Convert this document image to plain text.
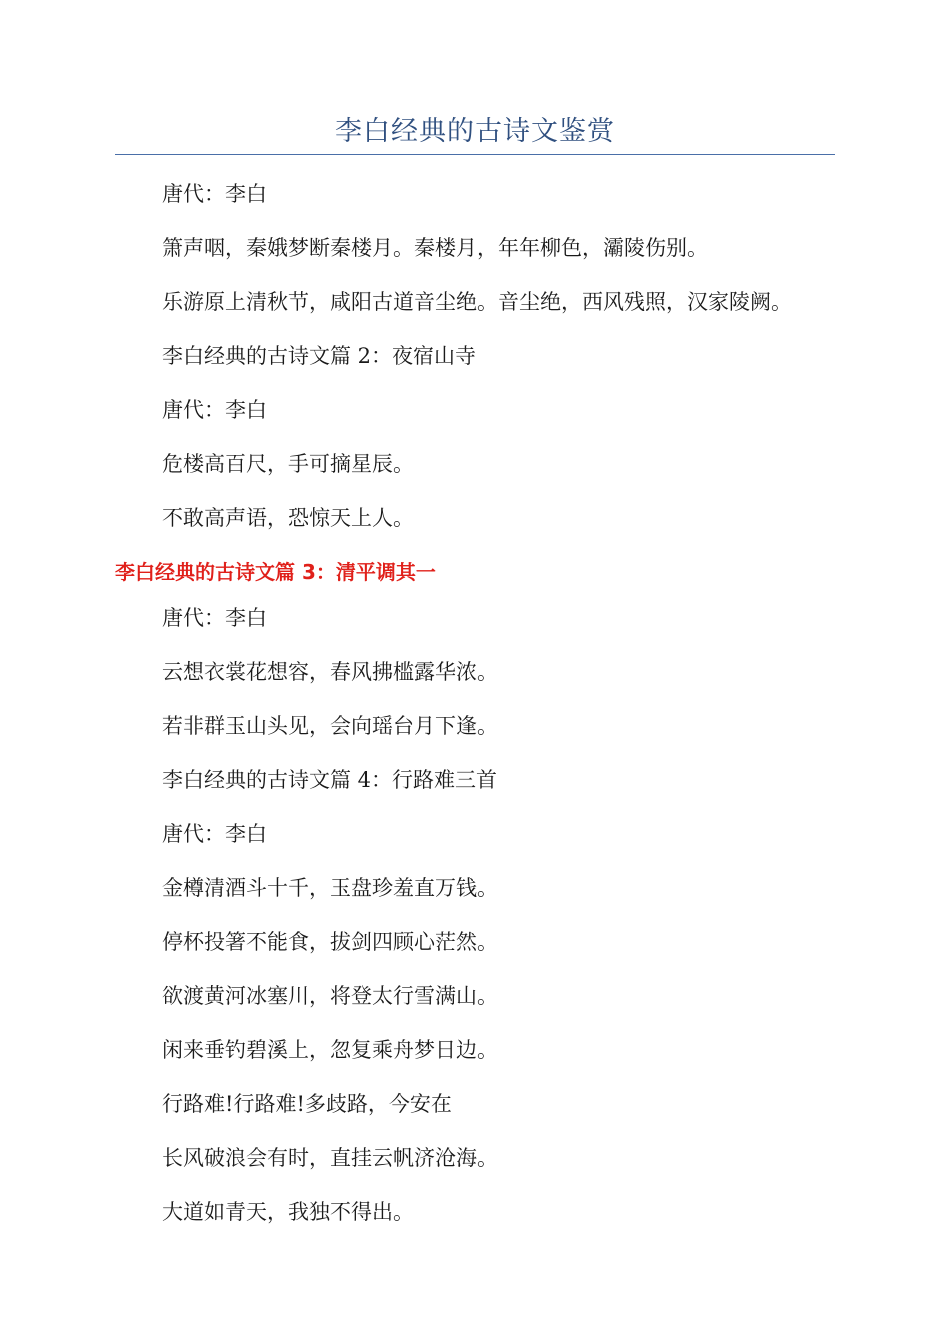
李白经典的古诗文鉴赏
唐代：李白
箫声咽，秦娥梦断秦楼月。秦楼月，年年柳色，灞陵伤别。
乐游原上清秋节，咸阳古道音尘绝。音尘绝，西风残照，汉家陵阙。
李白经典的古诗文篇 2：夜宿山寺
唐代：李白
危楼高百尺，手可摘星辰。
不敢高声语，恐惊天上人。
李白经典的古诗文篇 3：清平调其一
唐代：李白
云想衣裳花想容，春风拂槛露华浓。
若非群玉山头见，会向瑶台月下逢。
李白经典的古诗文篇 4：行路难三首
唐代：李白
金樽清酒斗十千，玉盘珍羞直万钱。
停杯投箸不能食，拔剑四顾心茫然。
欲渡黄河冰塞川，将登太行雪满山。
闲来垂钓碧溪上，忽复乘舟梦日边。
行路难!行路难!多歧路，今安在
长风破浪会有时，直挂云帆济沧海。
大道如青天，我独不得出。
